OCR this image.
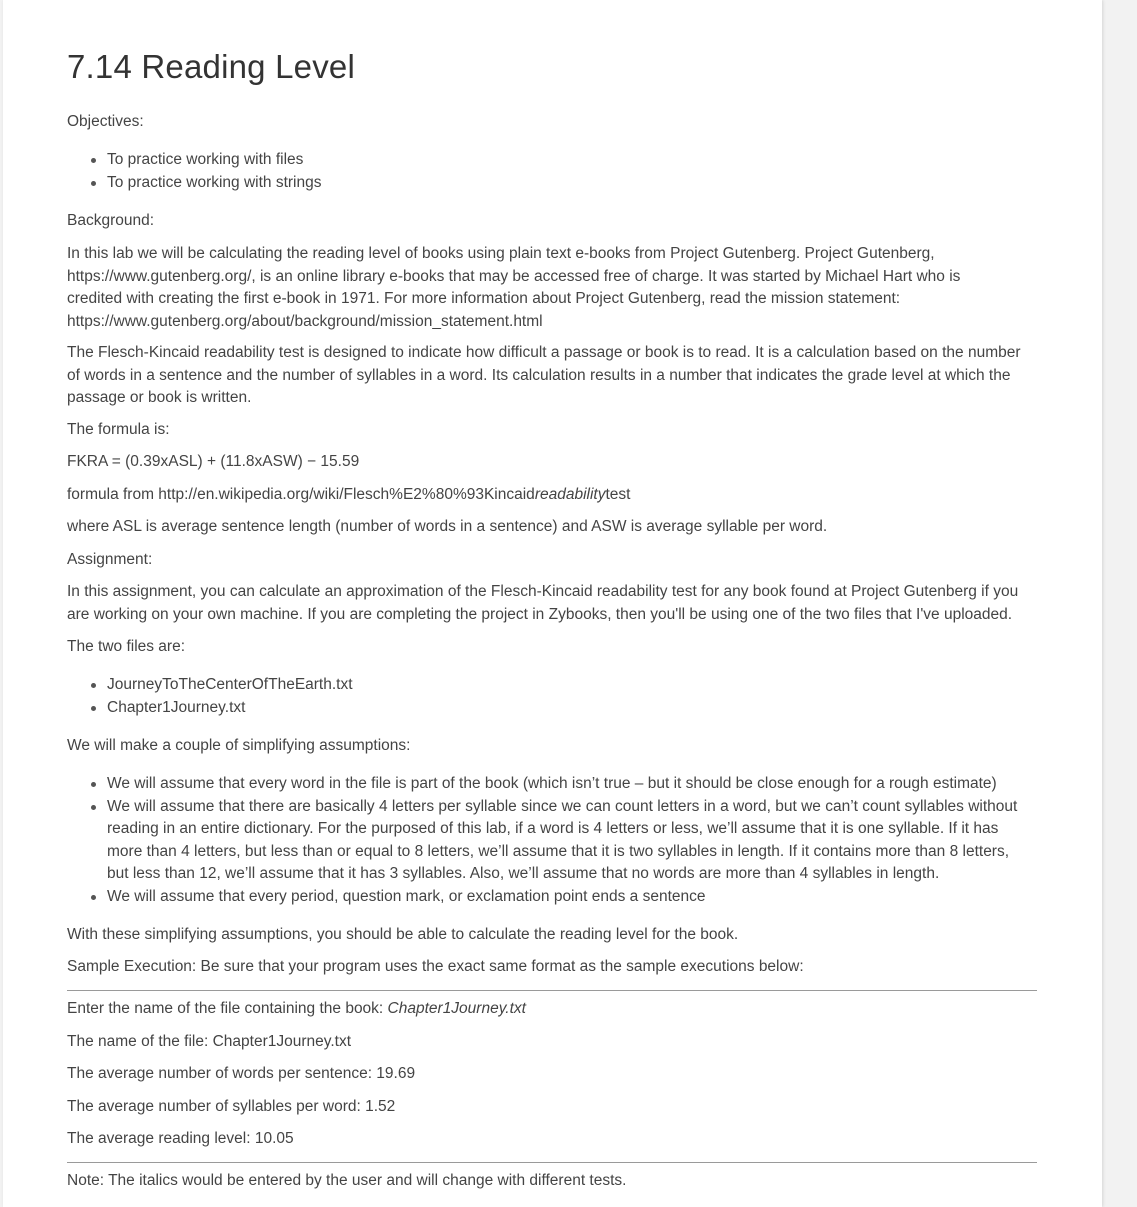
7.14 Reading Level

Objectives:

To practice working with files
To practice working with strings

Background:

In this lab we will be calculating the reading level of books using plain text e-books from Project Gutenberg. Project Gutenberg,
https://www.gutenberg.org/, is an online library e-books that may be accessed free of charge. It was started by Michael Hart who is
credited with creating the first e-book in 1971. For more information about Project Gutenberg, read the mission statement:
https://www.gutenberg.org/about/background/mission_statement.html
The Flesch-Kincaid readability test is designed to indicate how difficult a passage or book is to read. It is a calculation based on the number
of words in a sentence and the number of syllables in a word. Its calculation results in a number that indicates the grade level at which the
passage or book is written.

The formula is:

FKRA = (0.39xASL) + (11.8xASW) − 15.59

formula from http://en.wikipedia.org/wiki/Flesch%E2%80%93Kincaidreadabilitytest

where ASL is average sentence length (number of words in a sentence) and ASW is average syllable per word.

Assignment:

In this assignment, you can calculate an approximation of the Flesch-Kincaid readability test for any book found at Project Gutenberg if you
are working on your own machine. If you are completing the project in Zybooks, then you'll be using one of the two files that I've uploaded.

The two files are:

JourneyToTheCenterOfTheEarth.txt
Chapter1Journey.txt

We will make a couple of simplifying assumptions:

We will assume that every word in the file is part of the book (which isn’t true – but it should be close enough for a rough estimate)
We will assume that there are basically 4 letters per syllable since we can count letters in a word, but we can’t count syllables without
reading in an entire dictionary. For the purposed of this lab, if a word is 4 letters or less, we’ll assume that it is one syllable. If it has
more than 4 letters, but less than or equal to 8 letters, we’ll assume that it is two syllables in length. If it contains more than 8 letters,
but less than 12, we’ll assume that it has 3 syllables. Also, we’ll assume that no words are more than 4 syllables in length.
We will assume that every period, question mark, or exclamation point ends a sentence

With these simplifying assumptions, you should be able to calculate the reading level for the book.

Sample Execution: Be sure that your program uses the exact same format as the sample executions below:

Enter the name of the file containing the book: Chapter1Journey.txt

The name of the file: Chapter1Journey.txt

The average number of words per sentence: 19.69

The average number of syllables per word: 1.52

The average reading level: 10.05

Note: The italics would be entered by the user and will change with different tests.
